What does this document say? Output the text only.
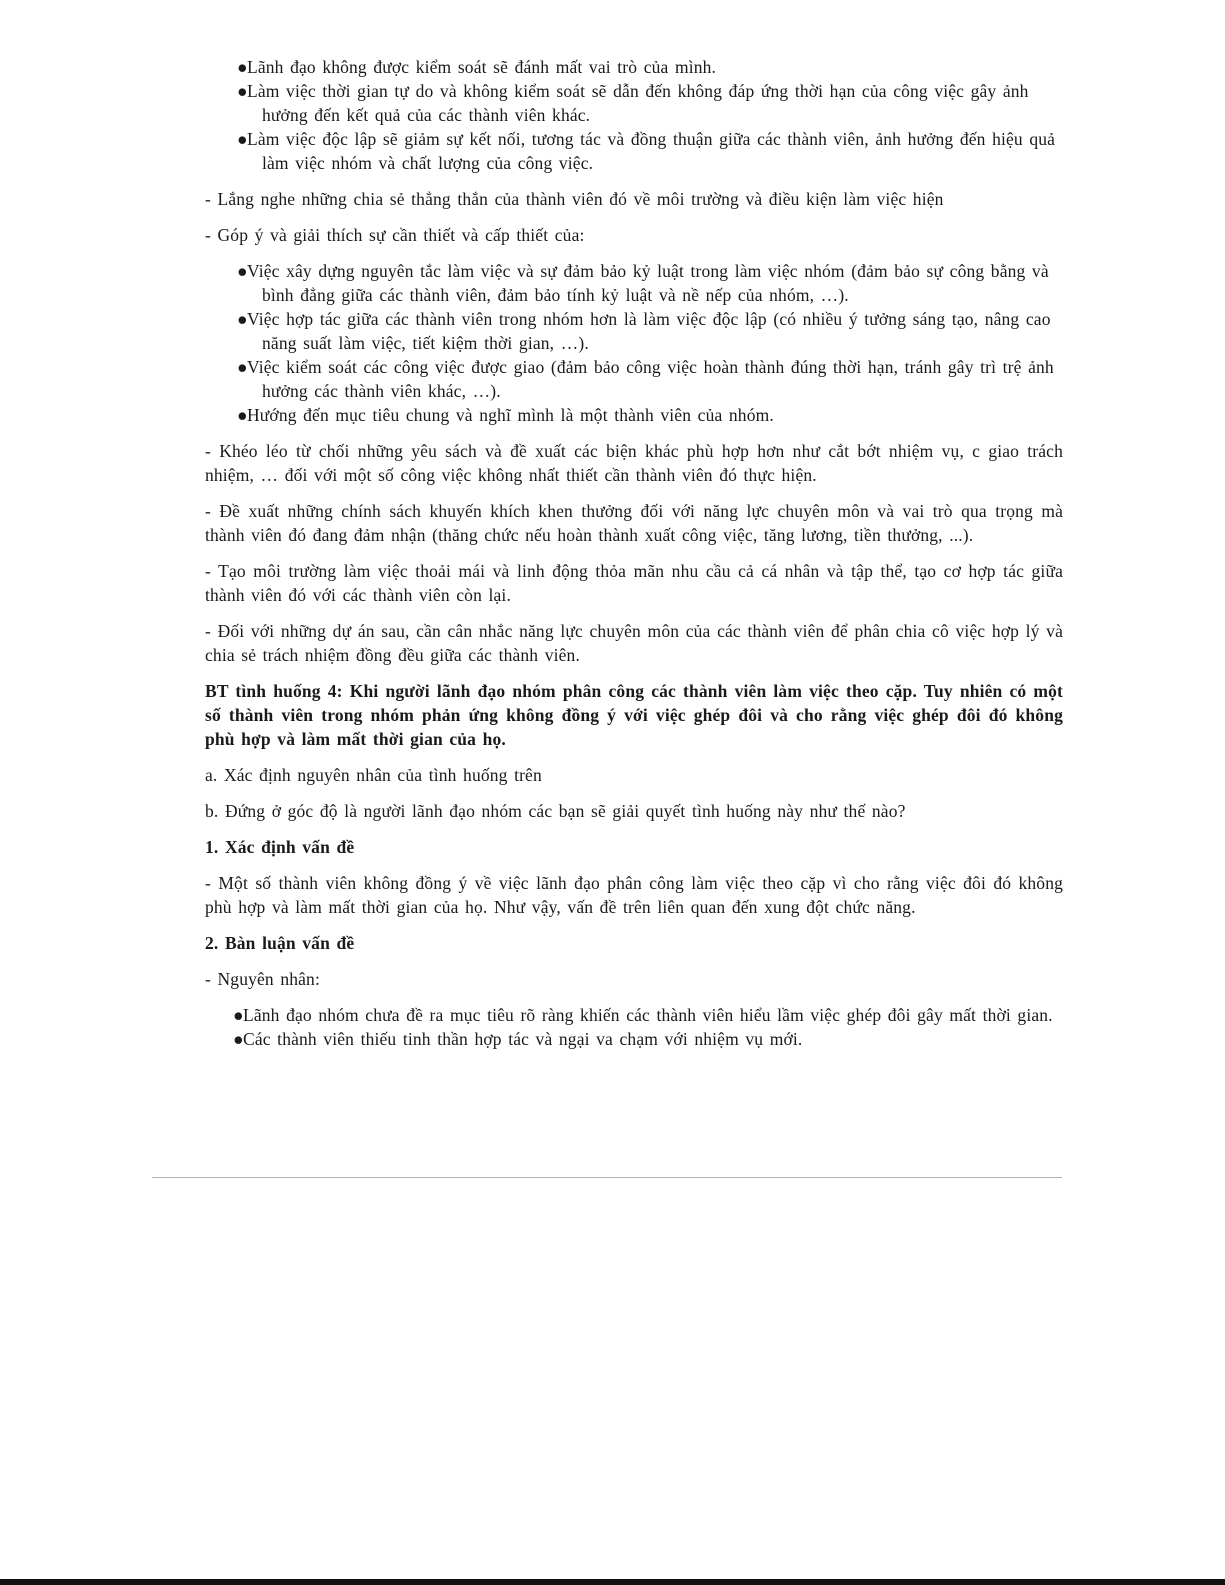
●Lãnh đạo không được kiểm soát sẽ đánh mất vai trò của mình.
●Làm việc thời gian tự do và không kiểm soát sẽ dẫn đến không đáp ứng thời hạn của công việc gây ảnh hưởng đến kết quả của các thành viên khác.
●Làm việc độc lập sẽ giảm sự kết nối, tương tác và đồng thuận giữa các thành viên, ảnh hưởng đến hiệu quả làm việc nhóm và chất lượng của công việc.

- Lắng nghe những chia sẻ thẳng thắn của thành viên đó về môi trường và điều kiện làm việc hiện

- Góp ý và giải thích sự cần thiết và cấp thiết của:

●Việc xây dựng nguyên tắc làm việc và sự đảm bảo kỷ luật trong làm việc nhóm (đảm bảo sự công bằng và bình đẳng giữa các thành viên, đảm bảo tính kỷ luật và nề nếp của nhóm, …).
●Việc hợp tác giữa các thành viên trong nhóm hơn là làm việc độc lập (có nhiều ý tưởng sáng tạo, nâng cao năng suất làm việc, tiết kiệm thời gian, …).
●Việc kiểm soát các công việc được giao (đảm bảo công việc hoàn thành đúng thời hạn, tránh gây trì trệ ảnh hưởng các thành viên khác, …).
●Hướng đến mục tiêu chung và nghĩ mình là một thành viên của nhóm.

- Khéo léo từ chối những yêu sách và đề xuất các biện khác phù hợp hơn như cắt bớt nhiệm vụ, c giao trách nhiệm, … đối với một số công việc không nhất thiết cần thành viên đó thực hiện.

- Đề xuất những chính sách khuyến khích khen thưởng đối với năng lực chuyên môn và vai trò qua trọng mà thành viên đó đang đảm nhận (thăng chức nếu hoàn thành xuất công việc, tăng lương, tiền thưởng, ...).

- Tạo môi trường làm việc thoải mái và linh động thỏa mãn nhu cầu cả cá nhân và tập thể, tạo cơ hợp tác giữa thành viên đó với các thành viên còn lại.

- Đối với những dự án sau, cần cân nhắc năng lực chuyên môn của các thành viên để phân chia cô việc hợp lý và chia sẻ trách nhiệm đồng đều giữa các thành viên.

BT tình huống 4: Khi người lãnh đạo nhóm phân công các thành viên làm việc theo cặp. Tuy nhiên có một số thành viên trong nhóm phản ứng không đồng ý với việc ghép đôi và cho rằng việc ghép đôi đó không phù hợp và làm mất thời gian của họ.

a. Xác định nguyên nhân của tình huống trên

b. Đứng ở góc độ là người lãnh đạo nhóm các bạn sẽ giải quyết tình huống này như thế nào?

1. Xác định vấn đề

- Một số thành viên không đồng ý về việc lãnh đạo phân công làm việc theo cặp vì cho rằng việc đôi đó không phù hợp và làm mất thời gian của họ. Như vậy, vấn đề trên liên quan đến xung đột chức năng.

2. Bàn luận vấn đề

- Nguyên nhân:

●Lãnh đạo nhóm chưa đề ra mục tiêu rõ ràng khiến các thành viên hiểu lầm việc ghép đôi gây mất thời gian.
●Các thành viên thiếu tinh thần hợp tác và ngại va chạm với nhiệm vụ mới.
